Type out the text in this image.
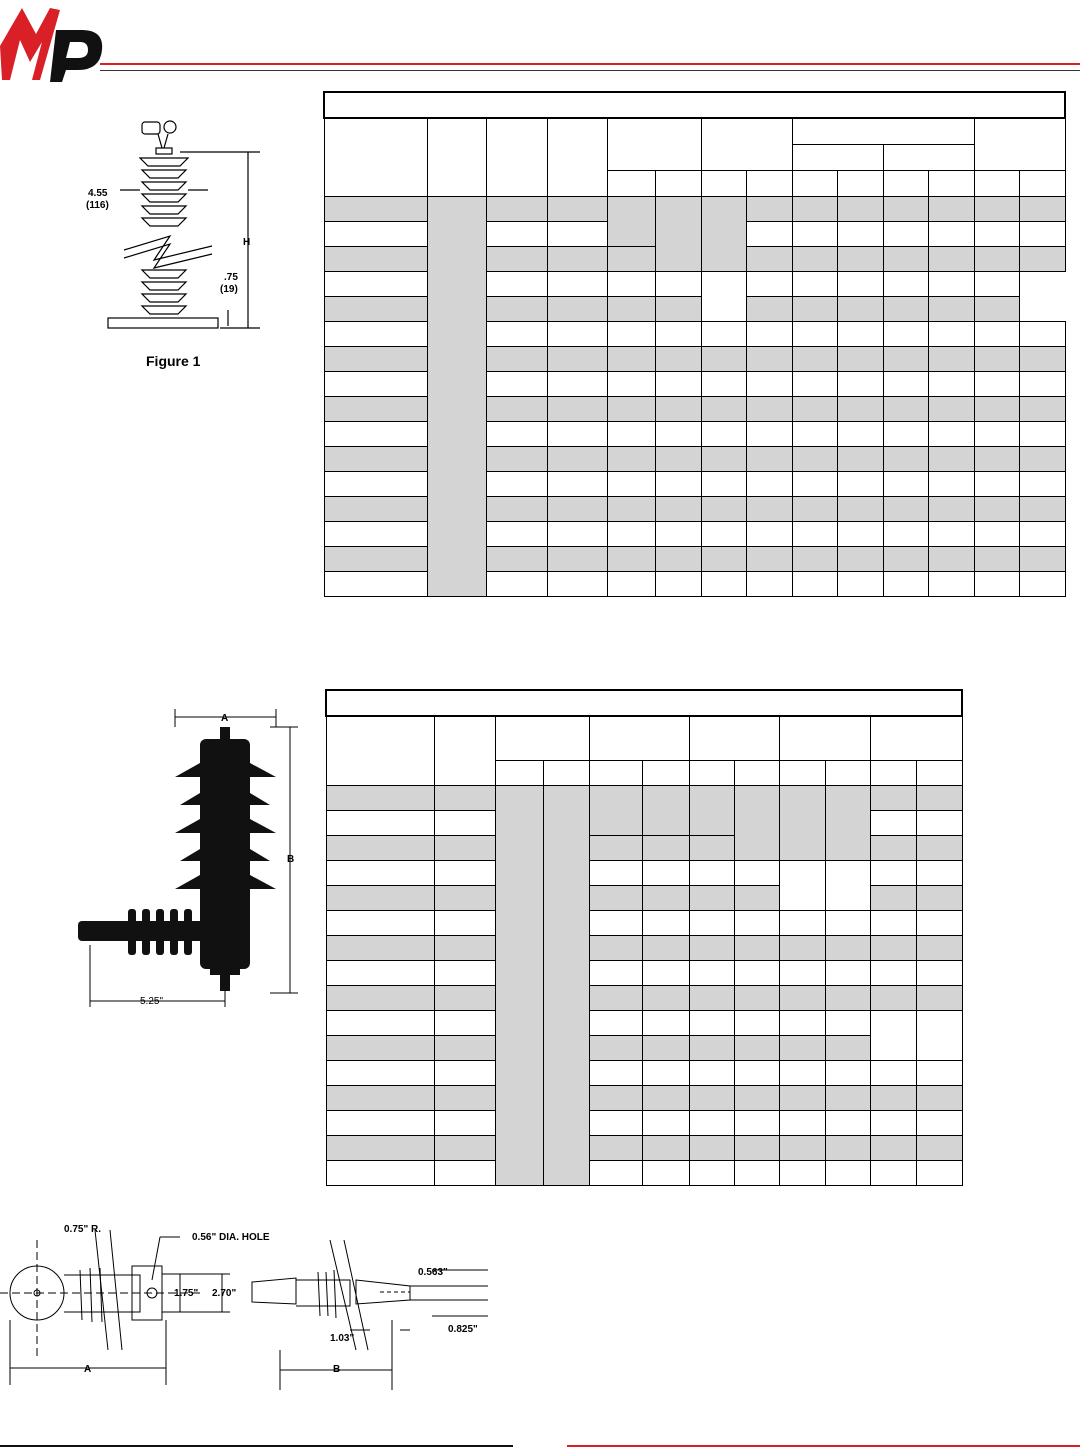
4.55
(116)
H
.75
(19)
Figure 1

A
B
5.25"

0.75" R.
0.56" DIA. HOLE
1.75" 2.70"
0.563"
0.825"
1.03"
A	B
